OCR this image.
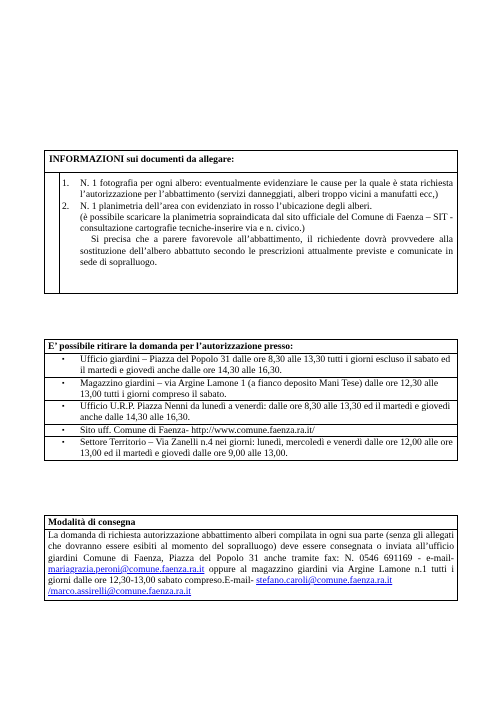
INFORMAZIONI sui documenti da allegare:
1.	N. 1 fotografia per ogni albero: eventualmente evidenziare le cause per la quale è stata richiesta l’autorizzazione per l’abbattimento (servizi danneggiati, alberi troppo vicini a manufatti ecc,)
2.	N. 1 planimetria dell’area con evidenziato in rosso l’ubicazione degli alberi.
(è possibile scaricare la planimetria sopraindicata dal sito ufficiale del Comune di Faenza – SIT - consultazione cartografie tecniche-inserire via e n. civico.)
Si precisa che a parere favorevole all’abbattimento, il richiedente dovrà provvedere alla sostituzione dell’albero abbattuto secondo le prescrizioni attualmente previste e comunicate in sede di sopralluogo.
E’ possibile ritirare la domanda per l’autorizzazione presso:
▪	Ufficio giardini – Piazza del Popolo 31 dalle ore 8,30 alle 13,30 tutti i giorni escluso il sabato ed il martedì e giovedì anche dalle ore 14,30 alle 16,30.
▪	Magazzino giardini – via Argine Lamone 1 (a fianco deposito Mani Tese) dalle ore 12,30 alle 13,00 tutti i giorni compreso il sabato.
▪	Ufficio U.R.P. Piazza Nenni da lunedì a venerdì: dalle ore 8,30 alle 13,30 ed il martedì e giovedì anche dalle 14,30 alle 16,30.
▪	Sito uff. Comune di Faenza- http://www.comune.faenza.ra.it/
▪	Settore Territorio – Via Zanelli n.4 nei giorni: lunedì, mercoledì e venerdì dalle ore 12,00 alle ore 13,00 ed il martedì e giovedì dalle ore 9,00 alle 13,00.
Modalità di consegna
La domanda di richiesta autorizzazione abbattimento alberi compilata in ogni sua parte (senza gli allegati che dovranno essere esibiti al momento del sopralluogo) deve essere consegnata o inviata all’ufficio giardini Comune di Faenza, Piazza del Popolo 31 anche tramite fax: N. 0546 691169 - e-mail-mariagrazia.peroni@comune.faenza.ra.it oppure al magazzino giardini via Argine Lamone n.1 tutti i giorni dalle ore 12,30-13,00 sabato compreso.E-mail- stefano.caroli@comune.faenza.ra.it
/marco.assirelli@comune.faenza.ra.it
